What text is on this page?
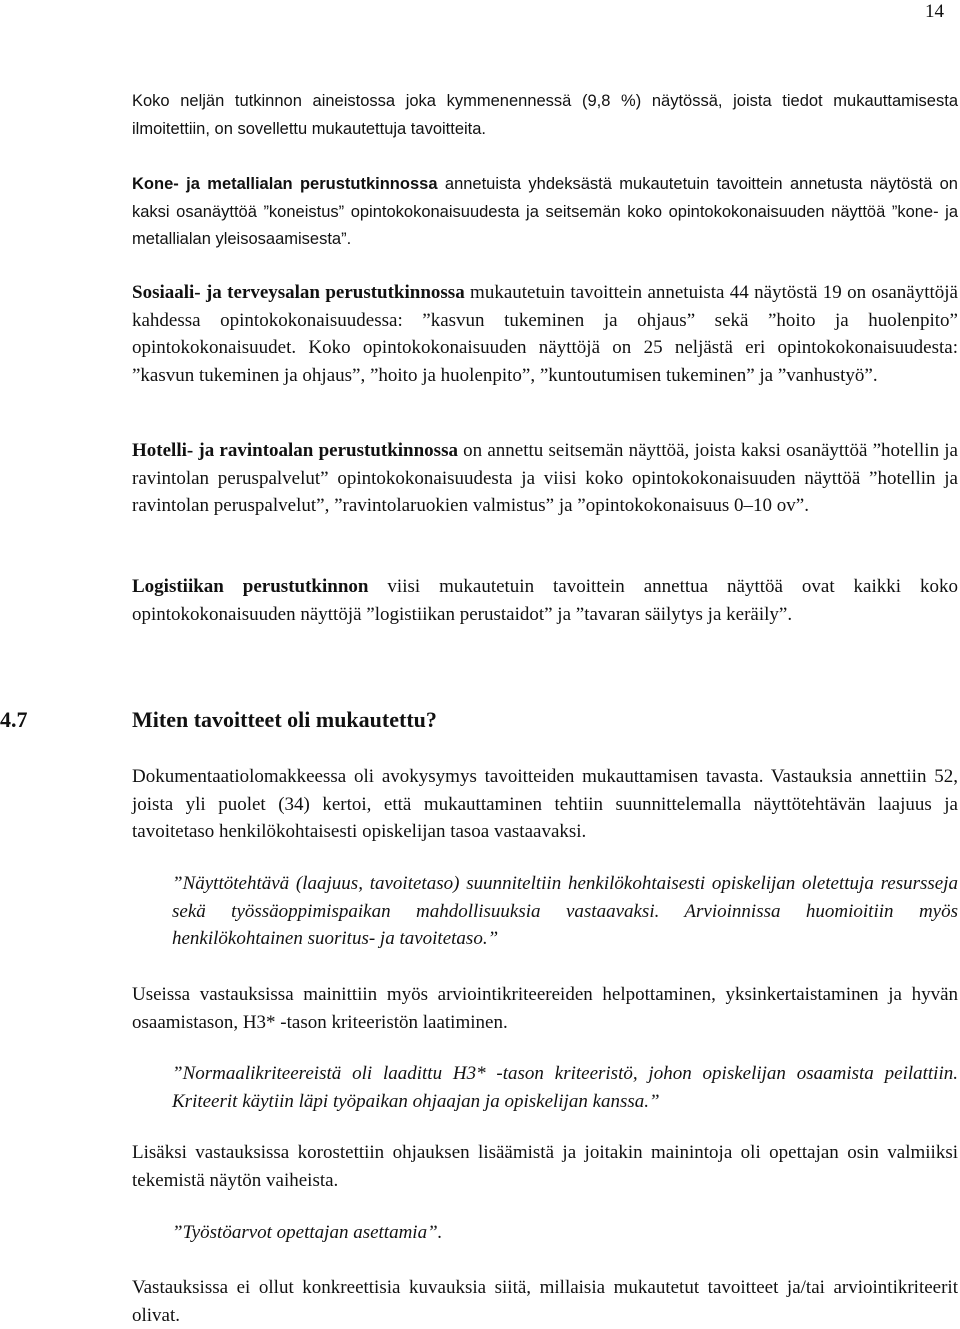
14

Koko neljän tutkinnon aineistossa joka kymmenennessä (9,8 %) näytössä, joista tiedot mukauttamisesta ilmoitettiin, on sovellettu mukautettuja tavoitteita.

Kone- ja metallialan perustutkinnossa annetuista yhdeksästä mukautetuin tavoittein annetusta näytöstä on kaksi osanäyttöä ”koneistus” opintokokonaisuudesta ja seitsemän koko opintokokonaisuuden näyttöä ”kone- ja metallialan yleisosaamisesta”.

Sosiaali- ja terveysalan perustutkinnossa mukautetuin tavoittein annetuista 44 näytöstä 19 on osanäyttöjä kahdessa opintokokonaisuudessa: ”kasvun tukeminen ja ohjaus” sekä ”hoito ja huolenpito” opintokokonaisuudet. Koko opintokokonaisuuden näyttöjä on 25 neljästä eri opintokokonaisuudesta: ”kasvun tukeminen ja ohjaus”, ”hoito ja huolenpito”, ”kuntoutumisen tukeminen” ja ”vanhustyö”.

Hotelli- ja ravintoalan perustutkinnossa on annettu seitsemän näyttöä, joista kaksi osanäyttöä ”hotellin ja ravintolan peruspalvelut” opintokokonaisuudesta ja viisi koko opintokokonaisuuden näyttöä ”hotellin ja ravintolan peruspalvelut”, ”ravintolaruokien valmistus” ja ”opintokokonaisuus 0–10 ov”.

Logistiikan perustutkinnon viisi mukautetuin tavoittein annettua näyttöä ovat kaikki koko opintokokonaisuuden näyttöjä ”logistiikan perustaidot” ja ”tavaran säilytys ja keräily”.

4.7	Miten tavoitteet oli mukautettu?

Dokumentaatiolomakkeessa oli avokysymys tavoitteiden mukauttamisen tavasta. Vastauksia annettiin 52, joista yli puolet (34) kertoi, että mukauttaminen tehtiin suunnittelemalla näyttötehtävän laajuus ja tavoitetaso henkilökohtaisesti opiskelijan tasoa vastaavaksi.

”Näyttötehtävä (laajuus, tavoitetaso) suunniteltiin henkilökohtaisesti opiskelijan oletettuja resursseja sekä työssäoppimispaikan mahdollisuuksia vastaavaksi. Arvioinnissa huomioitiin myös henkilökohtainen suoritus- ja tavoitetaso.”

Useissa vastauksissa mainittiin myös arviointikriteereiden helpottaminen, yksinkertaistaminen ja hyvän osaamistason, H3* -tason kriteeristön laatiminen.

”Normaalikriteereistä oli laadittu H3* -tason kriteeristö, johon opiskelijan osaamista peilattiin. Kriteerit käytiin läpi työpaikan ohjaajan ja opiskelijan kanssa.”

Lisäksi vastauksissa korostettiin ohjauksen lisäämistä ja joitakin mainintoja oli opettajan osin valmiiksi tekemistä näytön vaiheista.

”Työstöarvot opettajan asettamia”.

Vastauksissa ei ollut konkreettisia kuvauksia siitä, millaisia mukautetut tavoitteet ja/tai arviointikriteerit olivat.
